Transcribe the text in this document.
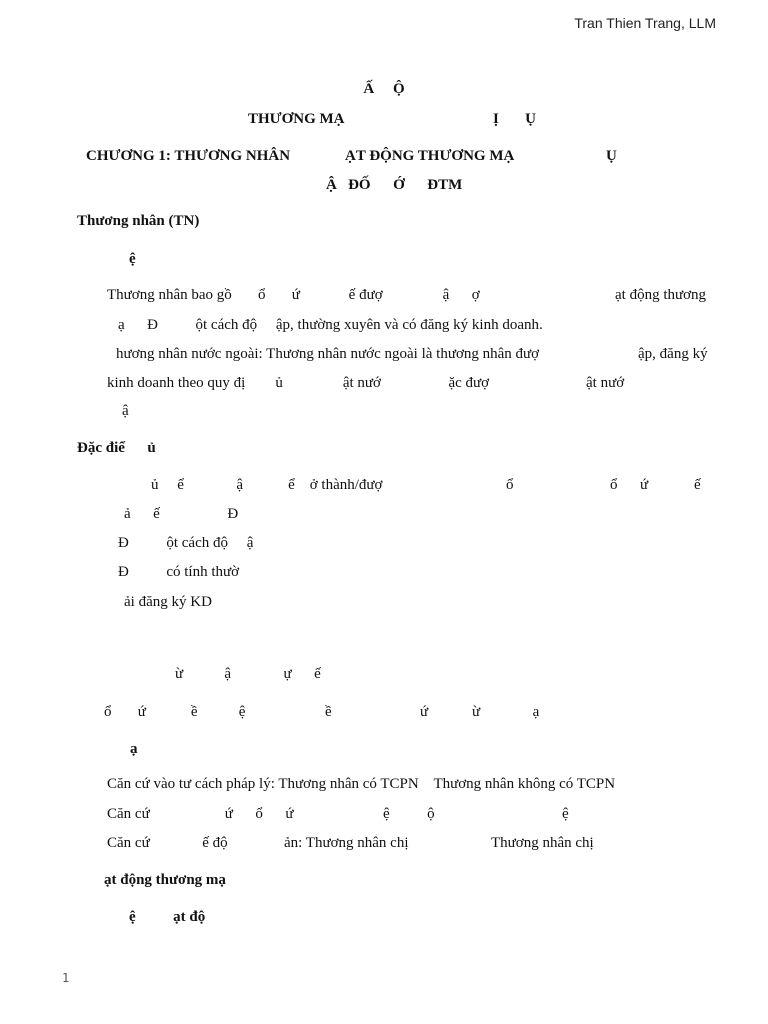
Tran Thien Trang, LLM
Ấ     Ộ
THƯƠNG MẠ	Ị       Ụ
CHƯƠNG 1: THƯƠNG NHÂN	ẠT ĐỘNG THƯƠNG MẠ	Ụ
Ậ   ĐỐ      Ớ      ĐTM
Thương nhân (TN)
ệ
Thương nhân bao gồ       ổ       ứ             ế đượ                ậ      ợ	ạt động thương
ạ      Đ          ột cách độ     ập, thường xuyên và có đăng ký kinh doanh.
hương nhân nước ngoài: Thương nhân nước ngoài là thương nhân đượ	ập, đăng ký
kinh doanh theo quy đị        ủ                ật nướ                  ặc đượ	ật nướ
ậ
Đặc điể      ủ
ủ     ể              ậ            ể    ở thành/đượ	ổ	ổ      ứ	ế
ả      ế                  Đ
Đ          ột cách độ     ậ
Đ          có tính thườ
ải đăng ký KD
ừ           ậ              ự      ế
ổ       ứ            ề           ệ	ề	ứ	ừ              ạ
ạ
Căn cứ vào tư cách pháp lý: Thương nhân có TCPN    Thương nhân không có TCPN
Căn cứ                    ứ      ổ      ứ	ệ          ộ	ệ
Căn cứ              ế độ	ản: Thương nhân chị	Thương nhân chị
ạt động thương mạ
ệ          ạt độ
1
